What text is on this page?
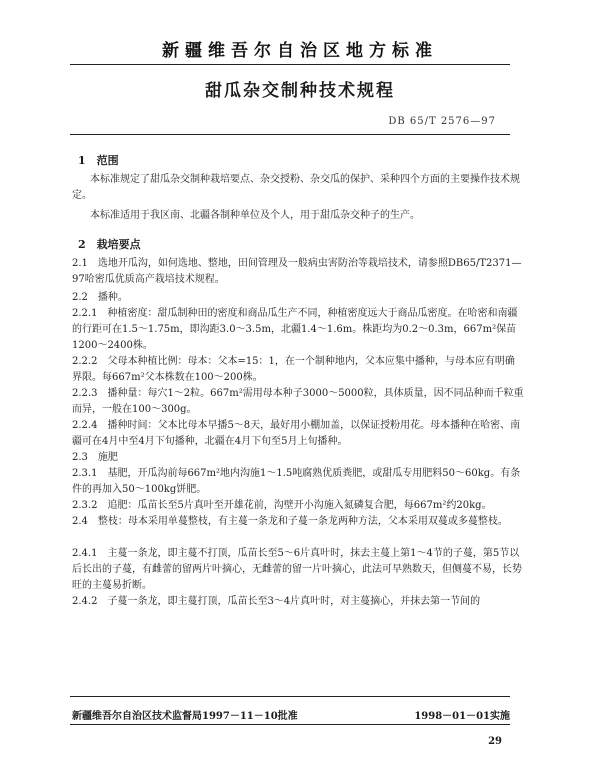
新疆维吾尔自治区地方标准
甜瓜杂交制种技术规程
DB 65/T 2576—97
1　范围
本标准规定了甜瓜杂交制种栽培要点、杂交授粉、杂交瓜的保护、采种四个方面的主要操作技术规定。
本标准适用于我区南、北疆各制种单位及个人，用于甜瓜杂交种子的生产。
2　栽培要点
2.1　选地开瓜沟，如何选地、整地，田间管理及一般病虫害防治等栽培技术，请参照DB65/T2371—97哈密瓜优质高产栽培技术规程。
2.2　播种。
2.2.1　种植密度：甜瓜制种田的密度和商品瓜生产不同，种植密度远大于商品瓜密度。在哈密和南疆的行距可在1.5～1.75m，即沟距3.0～3.5m，北疆1.4～1.6m。株距均为0.2～0.3m，667m²保苗1200～2400株。
2.2.2　父母本种植比例：母本：父本=15：1，在一个制种地内，父本应集中播种，与母本应有明确界限。每667m²父本株数在100～200株。
2.2.3　播种量：每穴1～2粒。667m²需用母本种子3000～5000粒，具体质量，因不同品种而千粒重而异，一般在100～300g。
2.2.4　播种时间：父本比母本早播5～8天，最好用小棚加盖，以保证授粉用花。母本播种在哈密、南疆可在4月中至4月下旬播种，北疆在4月下旬至5月上旬播种。
2.3　施肥
2.3.1　基肥，开瓜沟前每667m²地内沟施1～1.5吨腐熟优质粪肥，或甜瓜专用肥料50～60kg。有条件的再加入50～100kg饼肥。
2.3.2　追肥：瓜苗长至5片真叶至开雄花前，沟壁开小沟施入氮磷复合肥，每667m²约20kg。
2.4　整枝：母本采用单蔓整枝，有主蔓一条龙和子蔓一条龙两种方法，父本采用双蔓或多蔓整枝。
2.4.1　主蔓一条龙，即主蔓不打顶，瓜苗长至5～6片真叶时，抹去主蔓上第1～4节的子蔓，第5节以后长出的子蔓，有雌蕾的留两片叶摘心，无雌蕾的留一片叶摘心，此法可早熟数天，但侧蔓不易，长势旺的主蔓易折断。
2.4.2　子蔓一条龙，即主蔓打顶，瓜苗长至3～4片真叶时，对主蔓摘心，并抹去第一节间的
新疆维吾尔自治区技术监督局1997－11－10批准	1998－01－01实施
29
